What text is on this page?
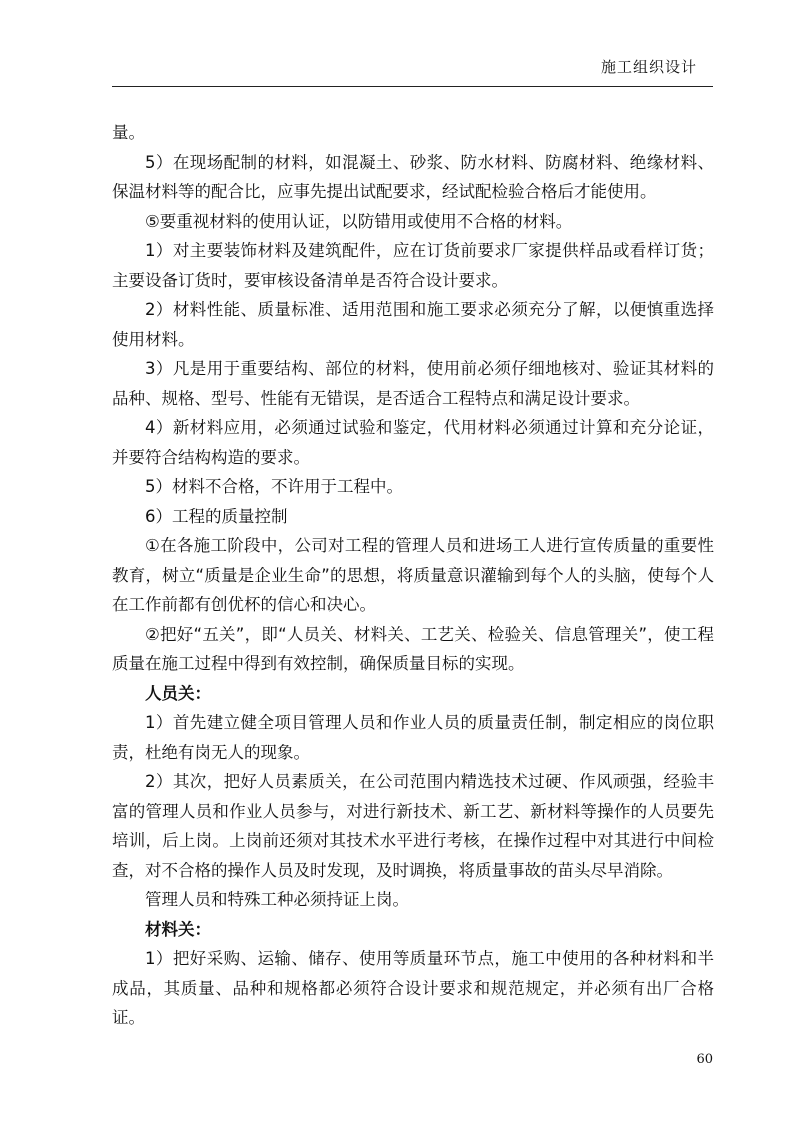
施工组织设计

量。

5）在现场配制的材料，如混凝土、砂浆、防水材料、防腐材料、绝缘材料、保温材料等的配合比，应事先提出试配要求，经试配检验合格后才能使用。

⑤要重视材料的使用认证，以防错用或使用不合格的材料。

1）对主要装饰材料及建筑配件，应在订货前要求厂家提供样品或看样订货；主要设备订货时，要审核设备清单是否符合设计要求。

2）材料性能、质量标准、适用范围和施工要求必须充分了解，以便慎重选择使用材料。

3）凡是用于重要结构、部位的材料，使用前必须仔细地核对、验证其材料的品种、规格、型号、性能有无错误，是否适合工程特点和满足设计要求。

4）新材料应用，必须通过试验和鉴定，代用材料必须通过计算和充分论证，并要符合结构构造的要求。

5）材料不合格，不许用于工程中。

6）工程的质量控制

①在各施工阶段中，公司对工程的管理人员和进场工人进行宣传质量的重要性教育，树立“质量是企业生命”的思想，将质量意识灌输到每个人的头脑，使每个人在工作前都有创优杯的信心和决心。

②把好“五关”，即“人员关、材料关、工艺关、检验关、信息管理关”，使工程质量在施工过程中得到有效控制，确保质量目标的实现。

人员关：

1）首先建立健全项目管理人员和作业人员的质量责任制，制定相应的岗位职责，杜绝有岗无人的现象。

2）其次，把好人员素质关，在公司范围内精选技术过硬、作风顽强，经验丰富的管理人员和作业人员参与，对进行新技术、新工艺、新材料等操作的人员要先培训，后上岗。上岗前还须对其技术水平进行考核，在操作过程中对其进行中间检查，对不合格的操作人员及时发现，及时调换，将质量事故的苗头尽早消除。

管理人员和特殊工种必须持证上岗。

材料关：

1）把好采购、运输、储存、使用等质量环节点，施工中使用的各种材料和半成品，其质量、品种和规格都必须符合设计要求和规范规定，并必须有出厂合格证。

60
